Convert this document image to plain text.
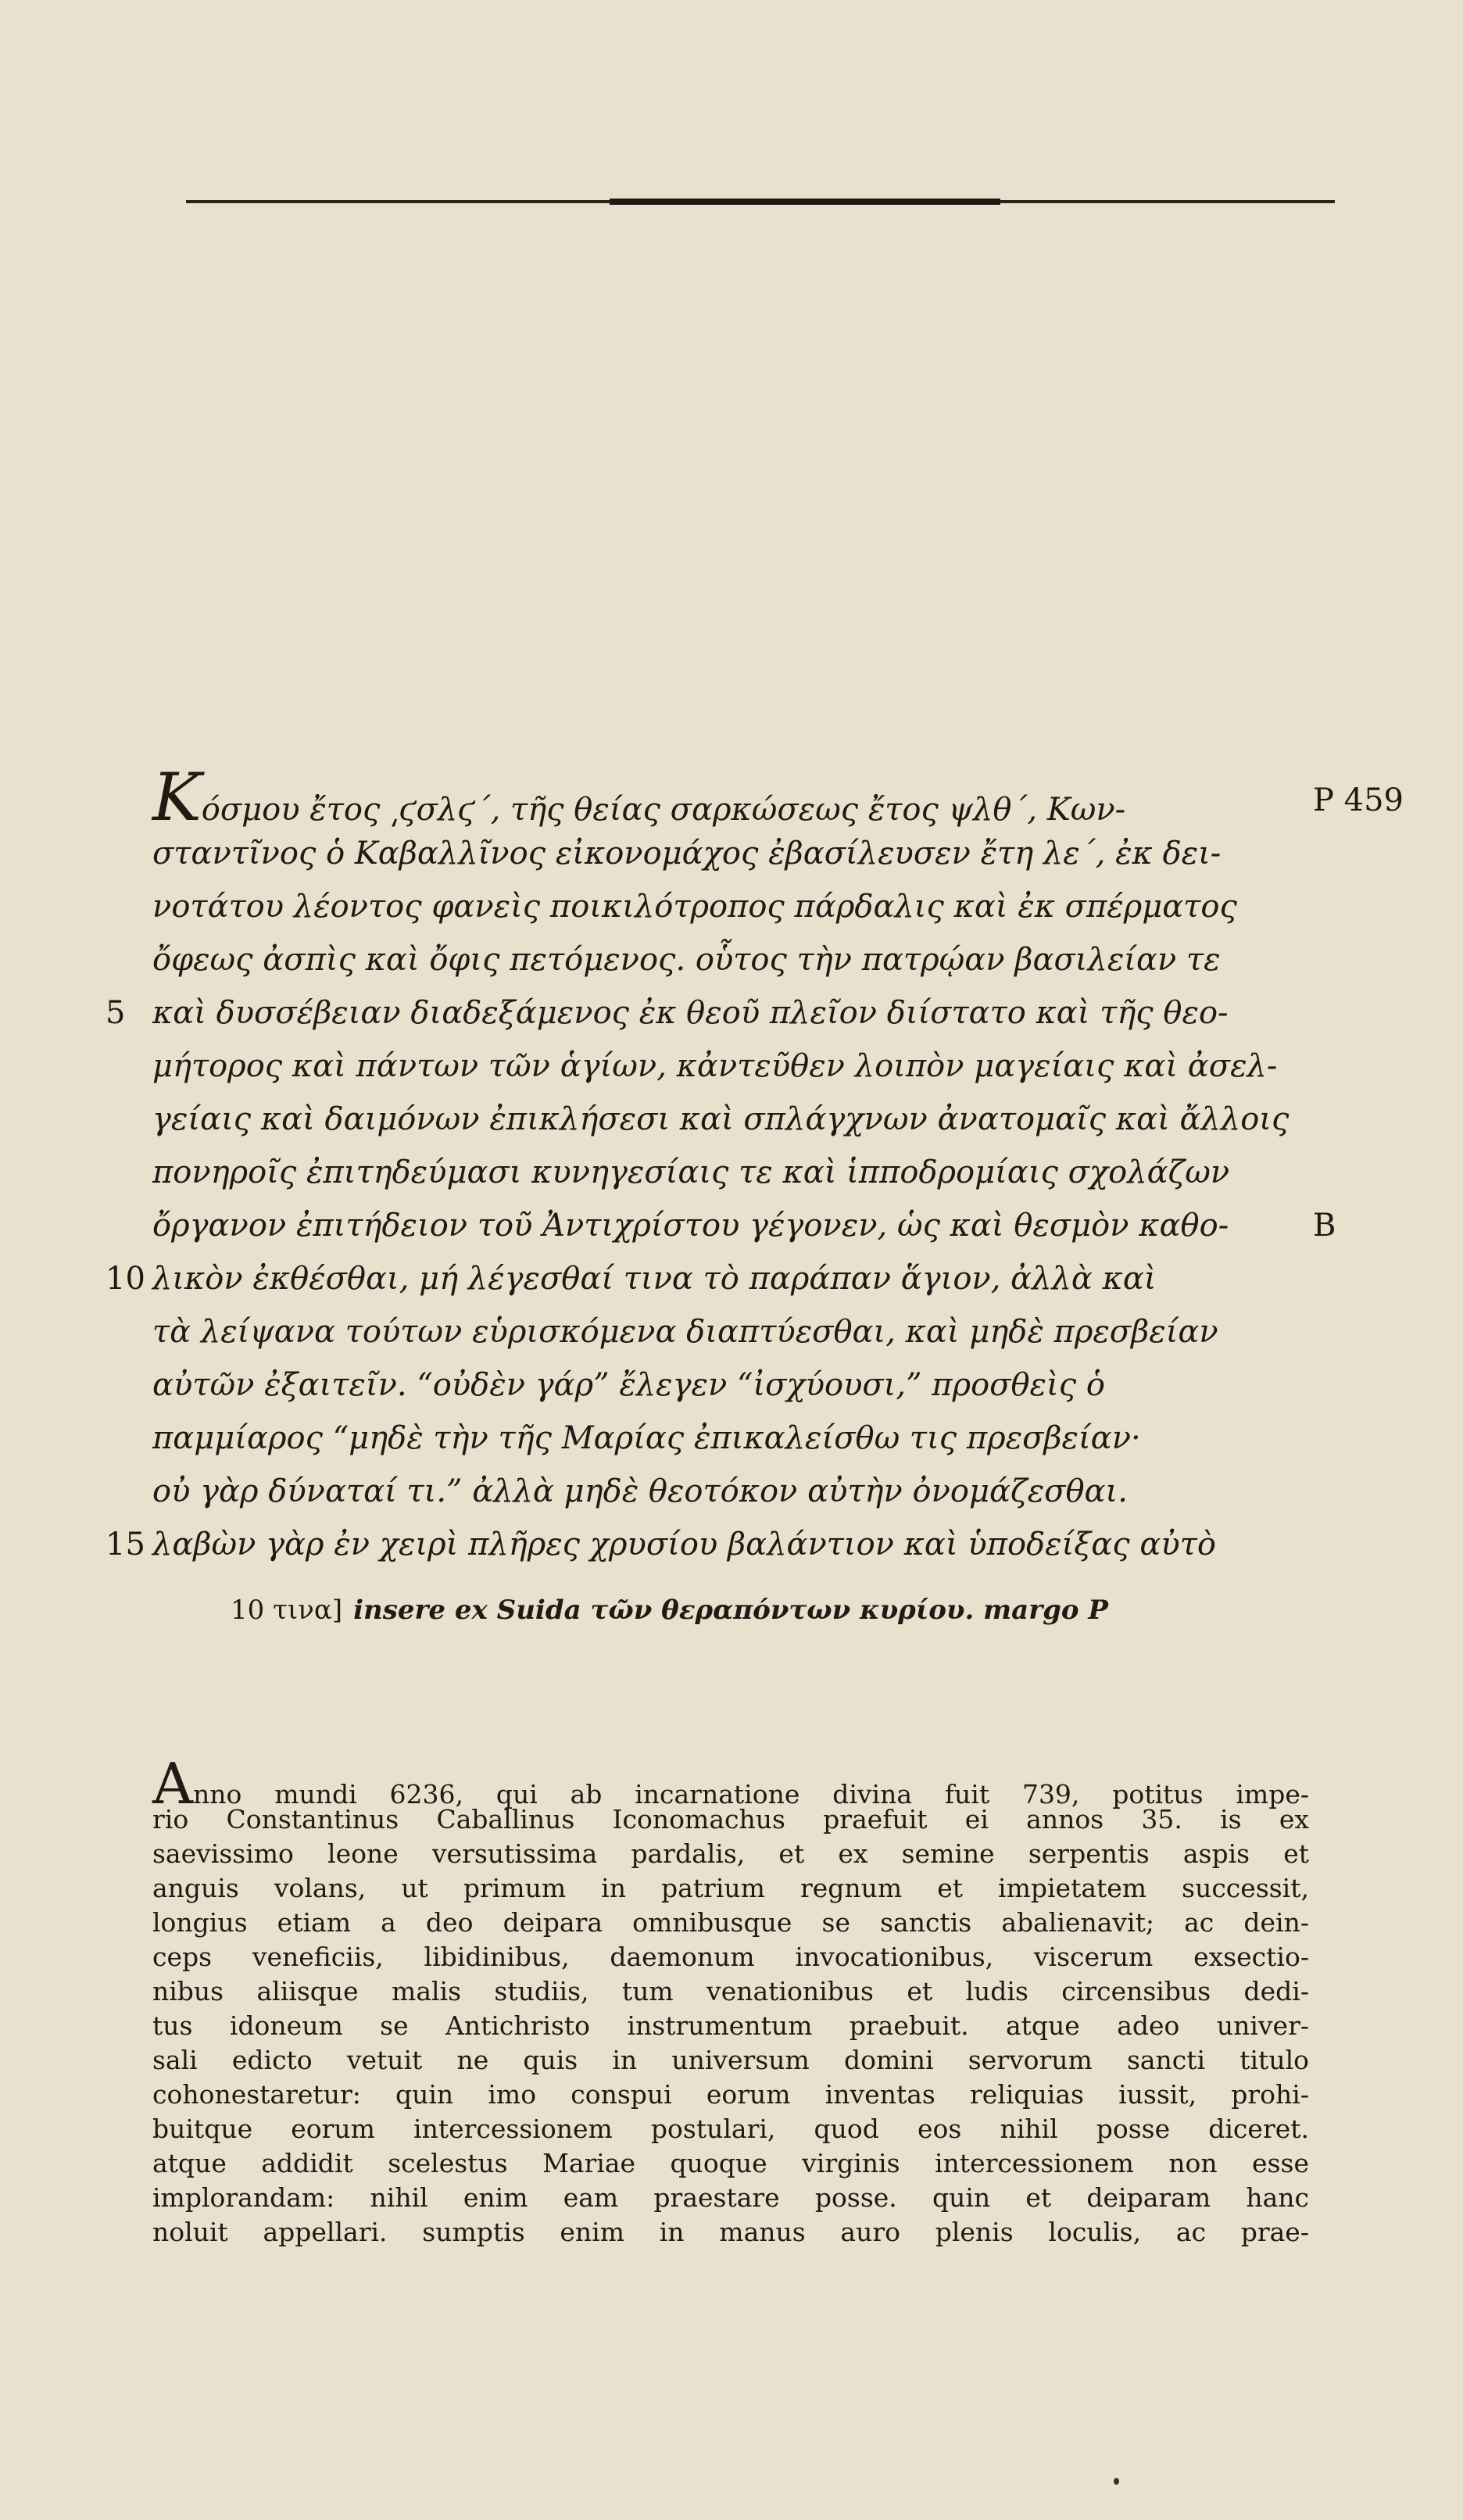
Kόσμου ἔτος ͵ϛσλϛ΄, τῆς θείας σαρκώσεως ἔτος ψλθ΄, Κων-	P 459
σταντῖνος ὁ Καβαλλῖνος εἰκονομάχος ἐβασίλευσεν ἔτη λε΄, ἐκ δει-
νοτάτου λέοντος φανεὶς ποικιλότροπος πάρδαλις καὶ ἐκ σπέρματος
ὄφεως ἀσπὶς καὶ ὄφις πετόμενος. οὗτος τὴν πατρῴαν βασιλείαν τε
5 καὶ δυσσέβειαν διαδεξάμενος ἐκ θεοῦ πλεῖον διίστατο καὶ τῆς θεο-
μήτορος καὶ πάντων τῶν ἁγίων, κἀντεῦθεν λοιπὸν μαγείαις καὶ ἀσελ-
γείαις καὶ δαιμόνων ἐπικλήσεσι καὶ σπλάγχνων ἀνατομαῖς καὶ ἄλλοις
πονηροῖς ἐπιτηδεύμασι κυνηγεσίαις τε καὶ ἱπποδρομίαις σχολάζων
ὄργανον ἐπιτήδειον τοῦ Ἀντιχρίστου γέγονεν, ὡς καὶ θεσμὸν καθο-	B
10 λικὸν ἐκθέσθαι, μή λέγεσθαί τινα τὸ παράπαν ἅγιον, ἀλλὰ καὶ
τὰ λείψανα τούτων εὑρισκόμενα διαπτύεσθαι, καὶ μηδὲ πρεσβείαν
αὐτῶν ἐξαιτεῖν. “οὐδὲν γάρ” ἔλεγεν “ἰσχύουσι,” προσθεὶς ὁ
παμμίαρος “μηδὲ τὴν τῆς Μαρίας ἐπικαλείσθω τις πρεσβείαν·
οὐ γὰρ δύναταί τι.” ἀλλὰ μηδὲ θεοτόκον αὐτὴν ὀνομάζεσθαι.
15 λαβὼν γὰρ ἐν χειρὶ πλῆρες χρυσίου βαλάντιον καὶ ὑποδείξας αὐτὸ
10 τινα] insere ex Suida τῶν θεραπόντων κυρίου. margo P
Anno mundi 6236, qui ab incarnatione divina fuit 739, potitus impe-
rio Constantinus Caballinus Iconomachus praefuit ei annos 35. is ex
saevissimo leone versutissima pardalis, et ex semine serpentis aspis et
anguis volans, ut primum in patrium regnum et impietatem successit,
longius etiam a deo deipara omnibusque se sanctis abalienavit; ac dein-
ceps veneficiis, libidinibus, daemonum invocationibus, viscerum exsectio-
nibus aliisque malis studiis, tum venationibus et ludis circensibus dedi-
tus idoneum se Antichristo instrumentum praebuit. atque adeo univer-
sali edicto vetuit ne quis in universum domini servorum sancti titulo
cohonestaretur: quin imo conspui eorum inventas reliquias iussit, prohi-
buitque eorum intercessionem postulari, quod eos nihil posse diceret.
atque addidit scelestus Mariae quoque virginis intercessionem non esse
implorandam: nihil enim eam praestare posse. quin et deiparam hanc
noluit appellari. sumptis enim in manus auro plenis loculis, ac prae-
